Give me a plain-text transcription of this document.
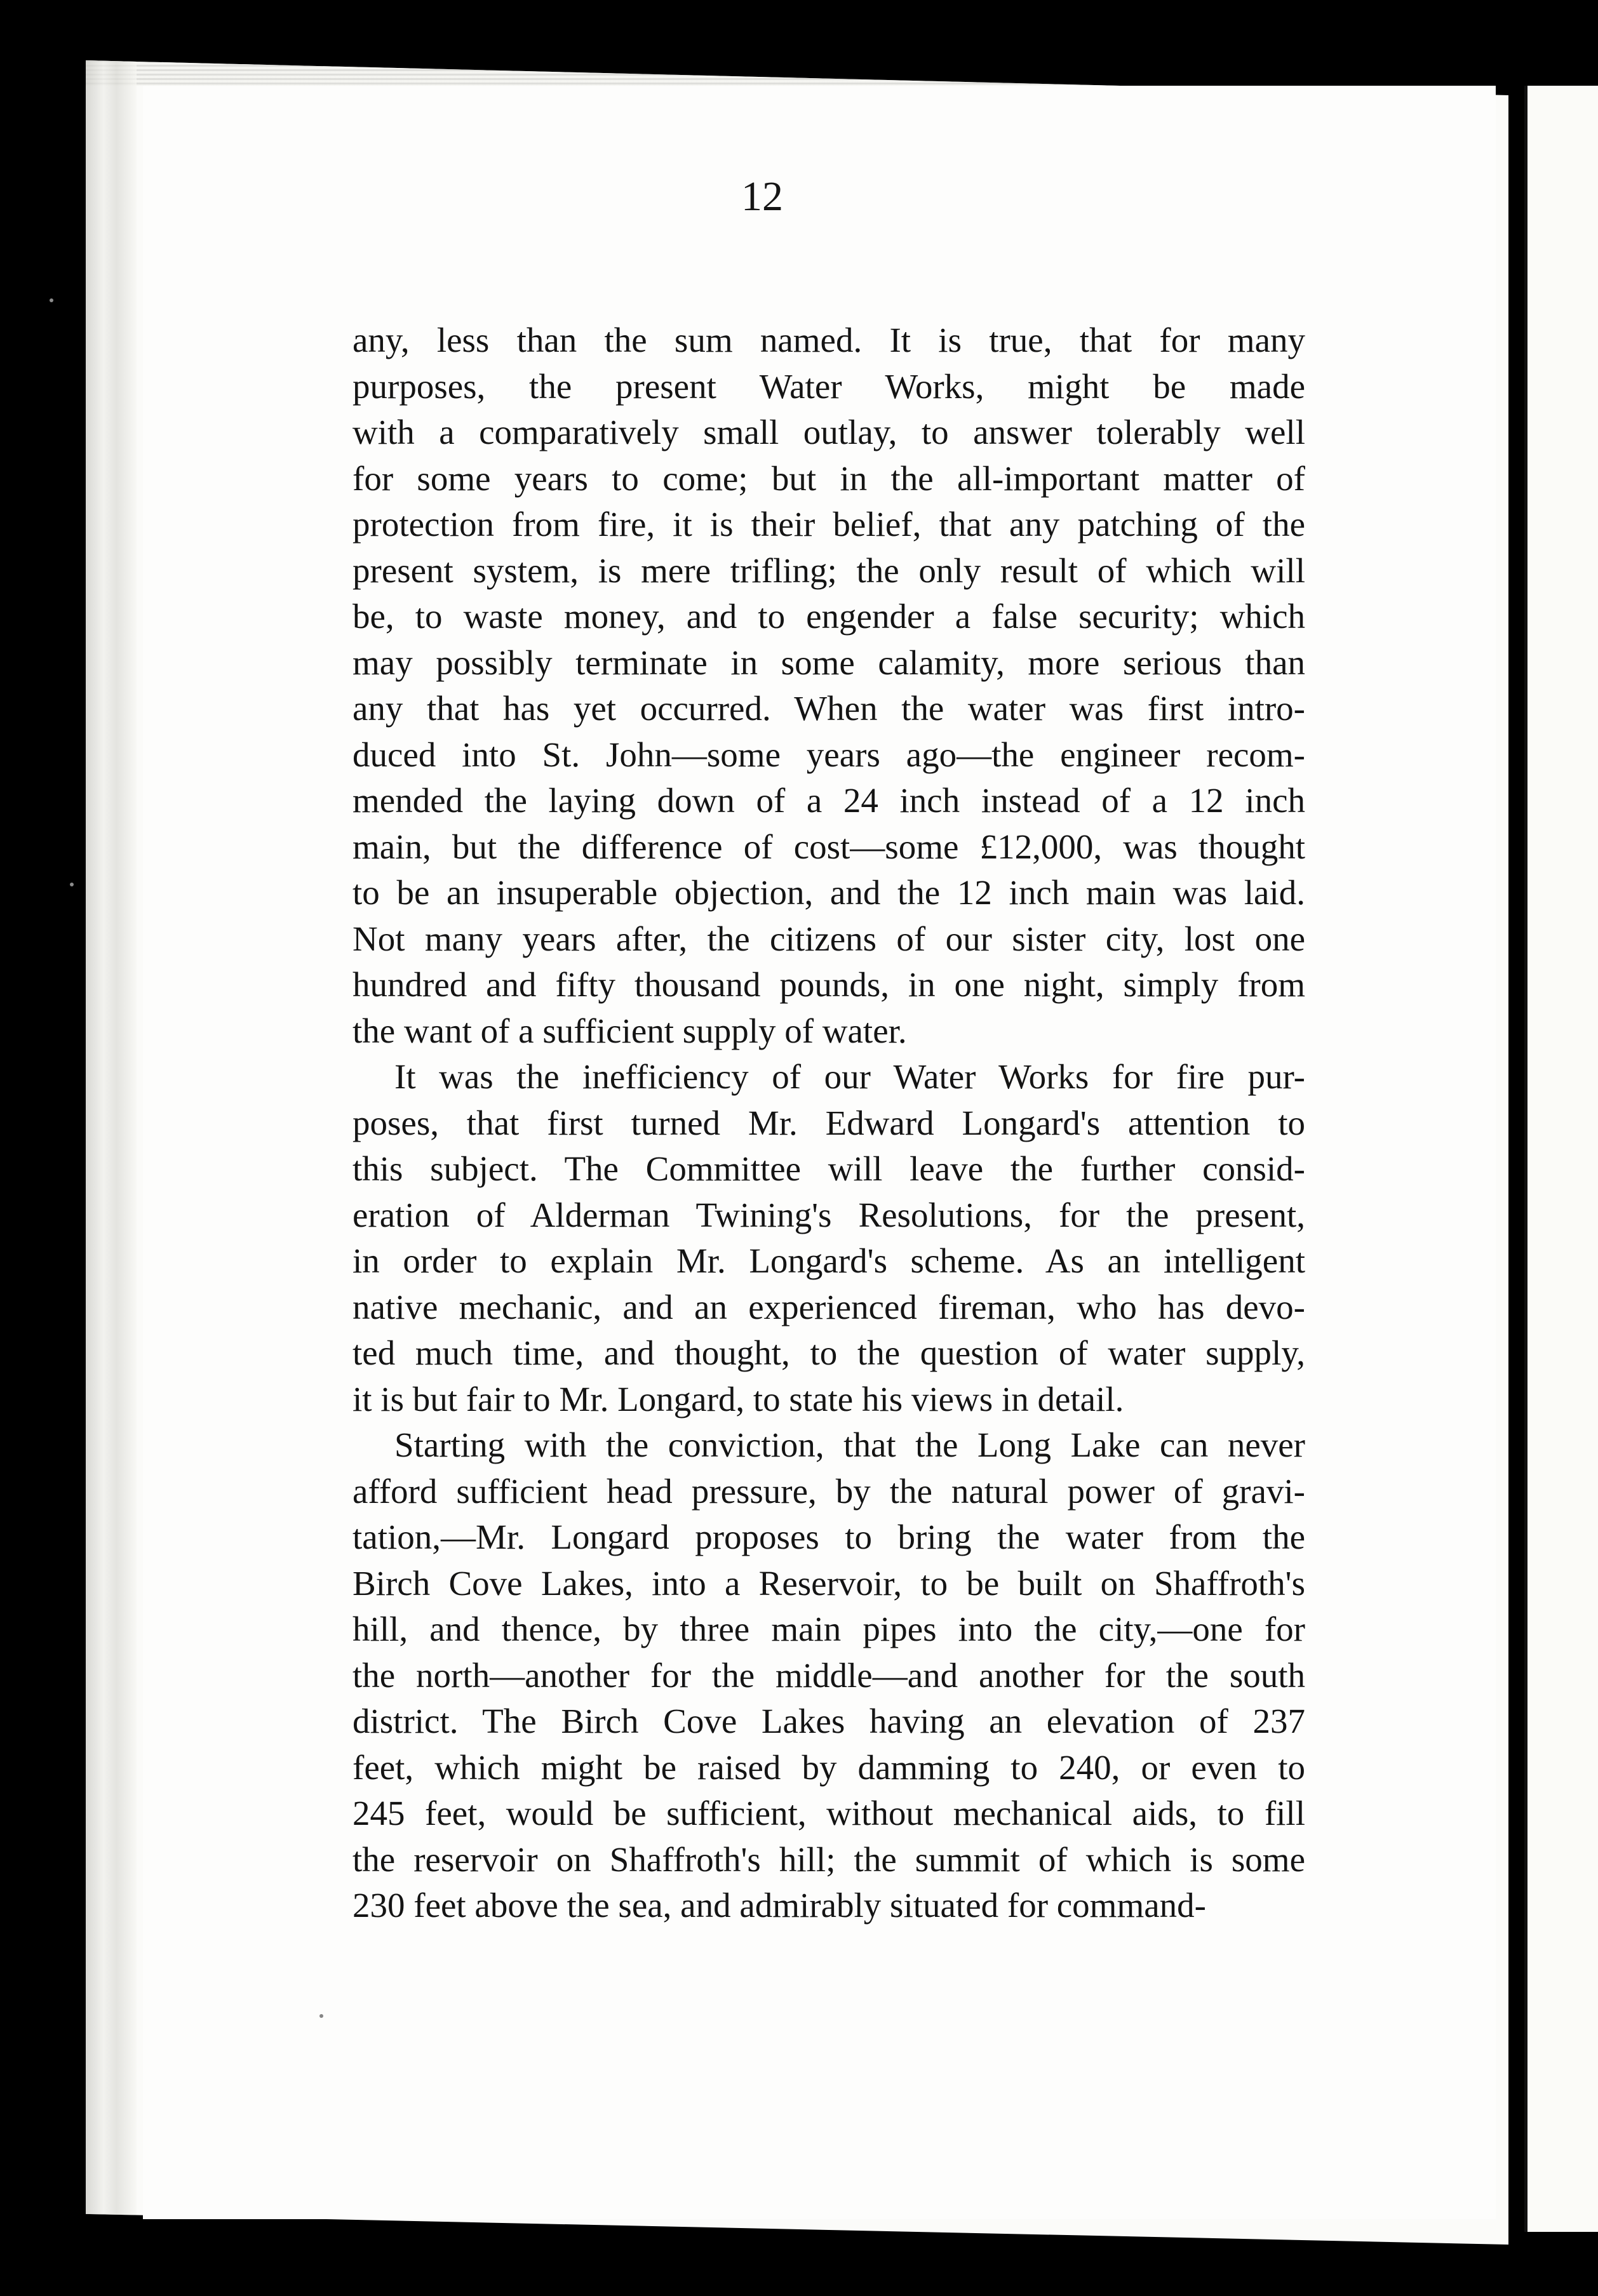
12
any, less than the sum named. It is true, that for many
purposes, the present Water Works, might be made
with a comparatively small outlay, to answer tolerably well
for some years to come; but in the all-important matter of
protection from fire, it is their belief, that any patching of the
present system, is mere trifling; the only result of which will
be, to waste money, and to engender a false security; which
may possibly terminate in some calamity, more serious than
any that has yet occurred. When the water was first intro-
duced into St. John—some years ago—the engineer recom-
mended the laying down of a 24 inch instead of a 12 inch
main, but the difference of cost—some £12,000, was thought
to be an insuperable objection, and the 12 inch main was laid.
Not many years after, the citizens of our sister city, lost one
hundred and fifty thousand pounds, in one night, simply from
the want of a sufficient supply of water.
It was the inefficiency of our Water Works for fire pur-
poses, that first turned Mr. Edward Longard's attention to
this subject. The Committee will leave the further consid-
eration of Alderman Twining's Resolutions, for the present,
in order to explain Mr. Longard's scheme. As an intelligent
native mechanic, and an experienced fireman, who has devo-
ted much time, and thought, to the question of water supply,
it is but fair to Mr. Longard, to state his views in detail.
Starting with the conviction, that the Long Lake can never
afford sufficient head pressure, by the natural power of gravi-
tation,—Mr. Longard proposes to bring the water from the
Birch Cove Lakes, into a Reservoir, to be built on Shaffroth's
hill, and thence, by three main pipes into the city,—one for
the north—another for the middle—and another for the south
district. The Birch Cove Lakes having an elevation of 237
feet, which might be raised by damming to 240, or even to
245 feet, would be sufficient, without mechanical aids, to fill
the reservoir on Shaffroth's hill; the summit of which is some
230 feet above the sea, and admirably situated for command-
